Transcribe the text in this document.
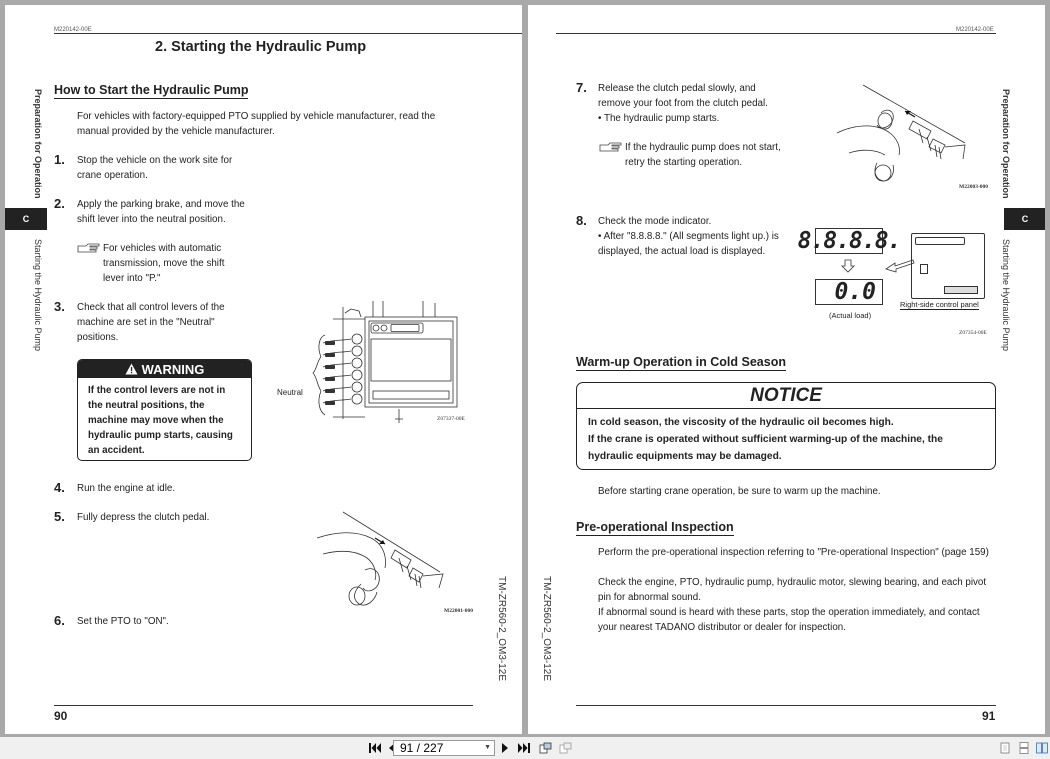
M220142-00E
2. Starting the Hydraulic Pump
Preparation for Operation
C
Starting the Hydraulic Pump
How to Start the Hydraulic Pump
For vehicles with factory-equipped PTO supplied by vehicle manufacturer, read the manual provided by the vehicle manufacturer.
1. Stop the vehicle on the work site for crane operation.
2. Apply the parking brake, and move the shift lever into the neutral position.
For vehicles with automatic transmission, move the shift lever into "P."
3. Check that all control levers of the machine are set in the "Neutral" positions.
WARNING
If the control levers are not in the neutral positions, the machine may move when the hydraulic pump starts, causing an accident.
Neutral
Z07337-00E
4. Run the engine at idle.
5. Fully depress the clutch pedal.
M22001-000
6. Set the PTO to "ON".	TM-ZR560-2_OM3-12E
90
M220142-00E
Preparation for Operation
C
Starting the Hydraulic Pump
7. Release the clutch pedal slowly, and remove your foot from the clutch pedal.
• The hydraulic pump starts.
If the hydraulic pump does not start, retry the starting operation.
M22003-000
8. Check the mode indicator.
• After "8.8.8.8." (All segments light up.) is displayed, the actual load is displayed.	8.8.8.8.
0.0
(Actual load)
Right-side control panel
Z07354-00E
Warm-up Operation in Cold Season
NOTICE
In cold season, the viscosity of the hydraulic oil becomes high.
If the crane is operated without sufficient warming-up of the machine, the hydraulic equipments may be damaged.
Before starting crane operation, be sure to warm up the machine.
Pre-operational Inspection
Perform the pre-operational inspection referring to "Pre-operational Inspection" (page 159)
Check the engine, PTO, hydraulic pump, hydraulic motor, slewing bearing, and each pivot pin for abnormal sound.
If abnormal sound is heard with these parts, stop the operation immediately, and contact your nearest TADANO distributor or dealer for inspection.
TM-ZR560-2_OM3-12E
91
91 / 227	▼
